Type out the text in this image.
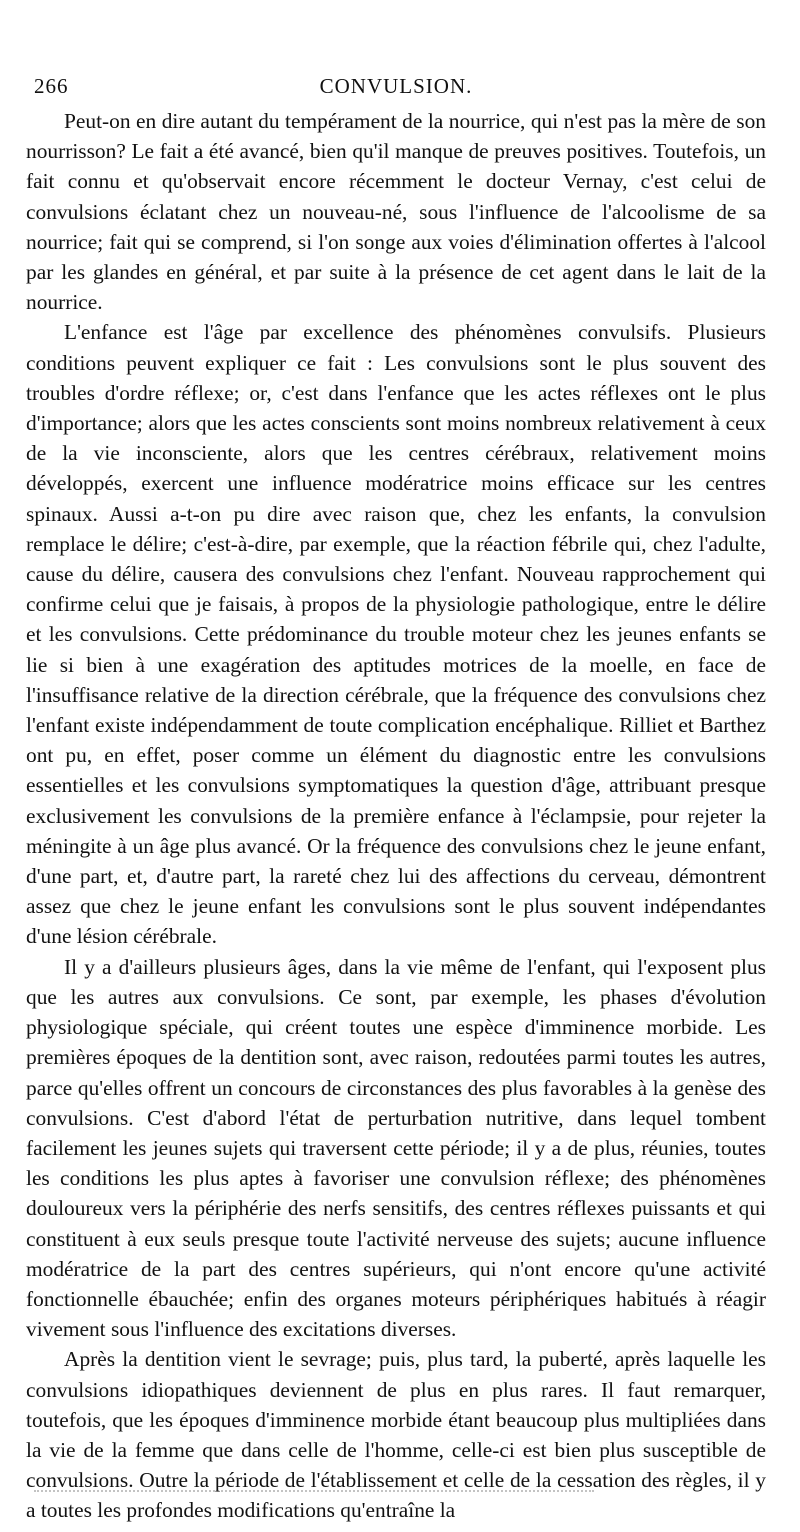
266	CONVULSION.

Peut-on en dire autant du tempérament de la nourrice, qui n'est pas la mère de son nourrisson? Le fait a été avancé, bien qu'il manque de preuves positives. Toutefois, un fait connu et qu'observait encore récemment le docteur Vernay, c'est celui de convulsions éclatant chez un nouveau-né, sous l'influence de l'alcoolisme de sa nourrice; fait qui se comprend, si l'on songe aux voies d'élimination offertes à l'alcool par les glandes en général, et par suite à la présence de cet agent dans le lait de la nourrice.

L'enfance est l'âge par excellence des phénomènes convulsifs. Plusieurs conditions peuvent expliquer ce fait : Les convulsions sont le plus souvent des troubles d'ordre réflexe; or, c'est dans l'enfance que les actes réflexes ont le plus d'importance; alors que les actes conscients sont moins nombreux relativement à ceux de la vie inconsciente, alors que les centres cérébraux, relativement moins développés, exercent une influence modératrice moins efficace sur les centres spinaux. Aussi a-t-on pu dire avec raison que, chez les enfants, la convulsion remplace le délire; c'est-à-dire, par exemple, que la réaction fébrile qui, chez l'adulte, cause du délire, causera des convulsions chez l'enfant. Nouveau rapprochement qui confirme celui que je faisais, à propos de la physiologie pathologique, entre le délire et les convulsions. Cette prédominance du trouble moteur chez les jeunes enfants se lie si bien à une exagération des aptitudes motrices de la moelle, en face de l'insuffisance relative de la direction cérébrale, que la fréquence des convulsions chez l'enfant existe indépendamment de toute complication encéphalique. Rilliet et Barthez ont pu, en effet, poser comme un élément du diagnostic entre les convulsions essentielles et les convulsions symptomatiques la question d'âge, attribuant presque exclusivement les convulsions de la première enfance à l'éclampsie, pour rejeter la méningite à un âge plus avancé. Or la fréquence des convulsions chez le jeune enfant, d'une part, et, d'autre part, la rareté chez lui des affections du cerveau, démontrent assez que chez le jeune enfant les convulsions sont le plus souvent indépendantes d'une lésion cérébrale.

Il y a d'ailleurs plusieurs âges, dans la vie même de l'enfant, qui l'exposent plus que les autres aux convulsions. Ce sont, par exemple, les phases d'évolution physiologique spéciale, qui créent toutes une espèce d'imminence morbide. Les premières époques de la dentition sont, avec raison, redoutées parmi toutes les autres, parce qu'elles offrent un concours de circonstances des plus favorables à la genèse des convulsions. C'est d'abord l'état de perturbation nutritive, dans lequel tombent facilement les jeunes sujets qui traversent cette période; il y a de plus, réunies, toutes les conditions les plus aptes à favoriser une convulsion réflexe; des phénomènes douloureux vers la périphérie des nerfs sensitifs, des centres réflexes puissants et qui constituent à eux seuls presque toute l'activité nerveuse des sujets; aucune influence modératrice de la part des centres supérieurs, qui n'ont encore qu'une activité fonctionnelle ébauchée; enfin des organes moteurs périphériques habitués à réagir vivement sous l'influence des excitations diverses.

Après la dentition vient le sevrage; puis, plus tard, la puberté, après laquelle les convulsions idiopathiques deviennent de plus en plus rares. Il faut remarquer, toutefois, que les époques d'imminence morbide étant beaucoup plus multipliées dans la vie de la femme que dans celle de l'homme, celle-ci est bien plus susceptible de convulsions. Outre la période de l'établissement et celle de la cessation des règles, il y a toutes les profondes modifications qu'entraîne la
